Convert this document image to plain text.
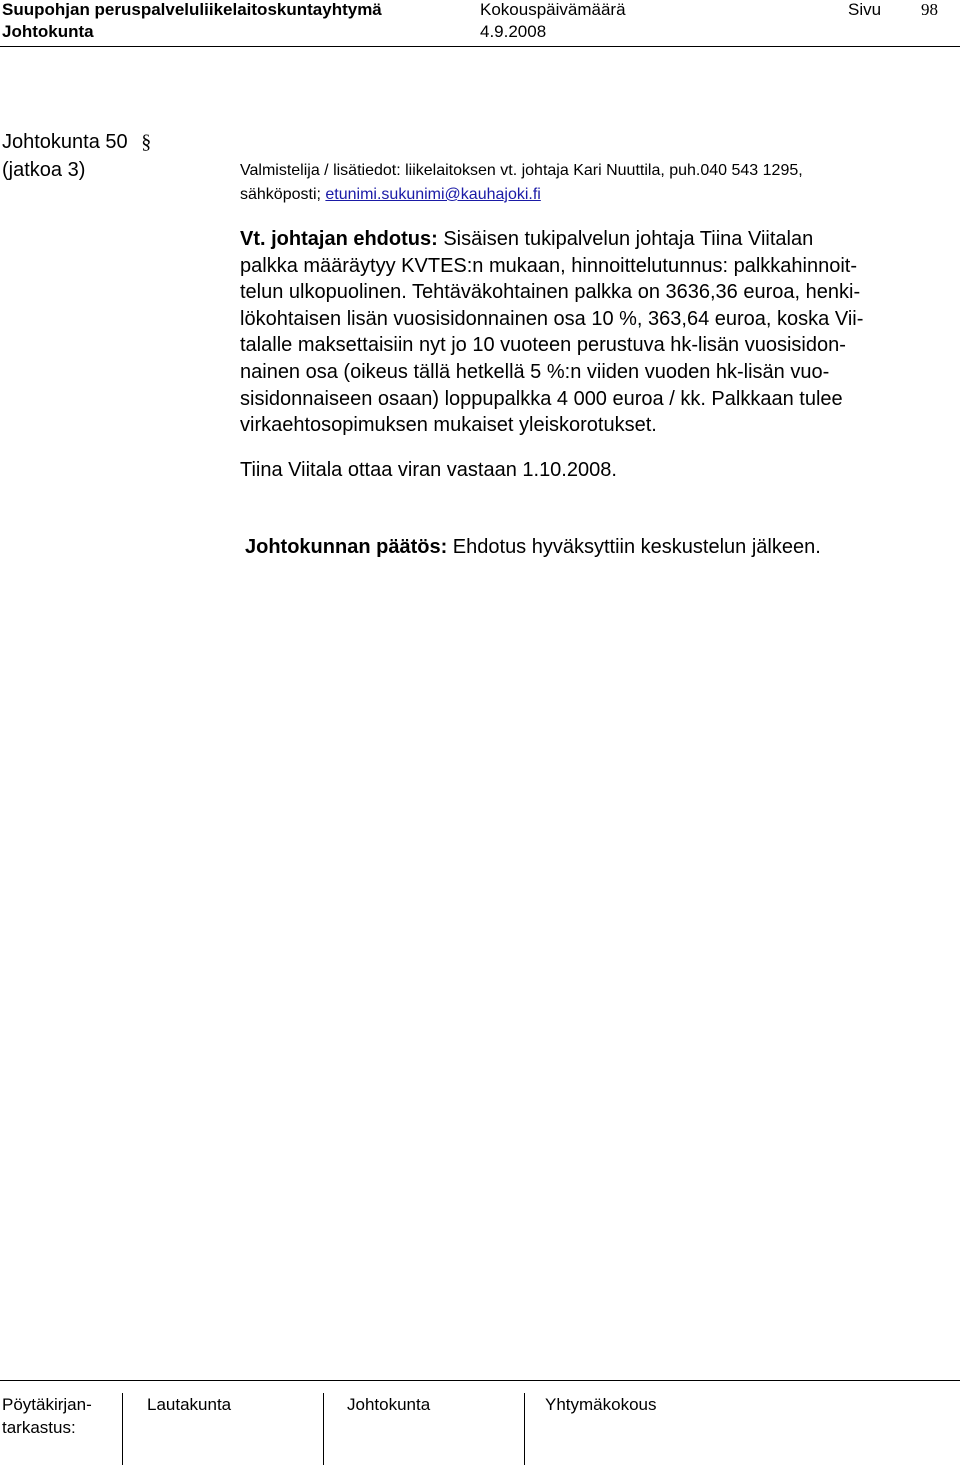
Suupohjan peruspalveluliikelaitoskuntayhtymä
Johtokunta
Kokouspäivämäärä
4.9.2008
Sivu 98
Johtokunta 50 §
(jatkoa 3)	Valmistelija / lisätiedot: liikelaitoksen vt. johtaja Kari Nuuttila, puh.040 543 1295,
sähköposti; etunimi.sukunimi@kauhajoki.fi
Vt. johtajan ehdotus: Sisäisen tukipalvelun johtaja Tiina Viitalan
palkka määräytyy KVTES:n mukaan, hinnoittelutunnus: palkkahinnoit-
telun ulkopuolinen. Tehtäväkohtainen palkka on 3636,36 euroa, henki-
lökohtaisen lisän vuosisidonnainen osa 10 %, 363,64 euroa, koska Vii-
talalle maksettaisiin nyt jo 10 vuoteen perustuva hk-lisän vuosisidon-
nainen osa (oikeus tällä hetkellä 5 %:n viiden vuoden hk-lisän vuo-
sisidonnaiseen osaan) loppupalkka 4 000 euroa / kk. Palkkaan tulee
virkaehtosopimuksen mukaiset yleiskorotukset.
Tiina Viitala ottaa viran vastaan 1.10.2008.
Johtokunnan päätös: Ehdotus hyväksyttiin keskustelun jälkeen.
Pöytäkirjan-
tarkastus:
Lautakunta	Johtokunta	Yhtymäkokous
